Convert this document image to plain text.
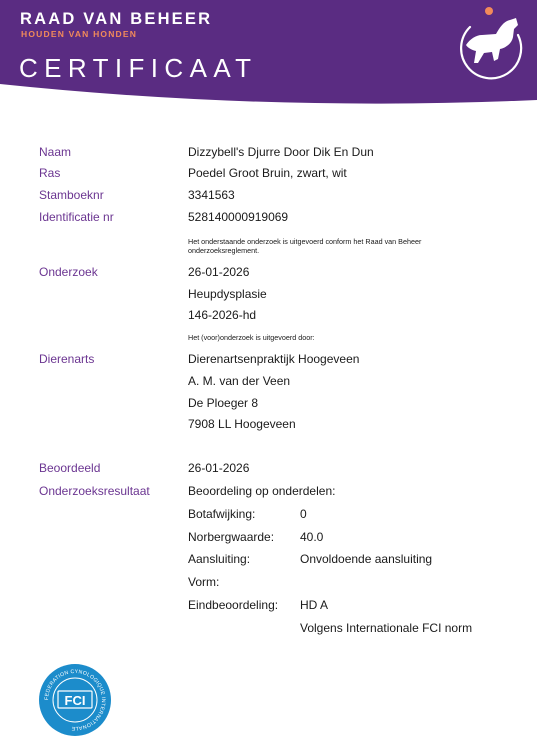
RAAD VAN BEHEER
HOUDEN VAN HONDEN
CERTIFICAAT
Naam	Dizzybell's Djurre Door Dik En Dun
Ras	Poedel Groot Bruin, zwart, wit
Stamboeknr	3341563
Identificatie nr	528140000919069
Het onderstaande onderzoek is uitgevoerd conform het Raad van Beheer
onderzoeksreglement.
Onderzoek	26-01-2026
Heupdysplasie
146-2026-hd
Het (voor)onderzoek is uitgevoerd door:
Dierenarts	Dierenartsenpraktijk Hoogeveen
A. M. van der Veen
De Ploeger 8
7908 LL Hoogeveen
Beoordeeld	26-01-2026
Onderzoeksresultaat	Beoordeling op onderdelen:
Botafwijking:	0
Norbergwaarde: 40.0
Aansluiting:	Onvoldoende aansluiting
Vorm:
Eindbeoordeling: HD A
Volgens Internationale FCI norm
FEDERATION CYNOLOGIQUE INTERNATIONALE
FCI
